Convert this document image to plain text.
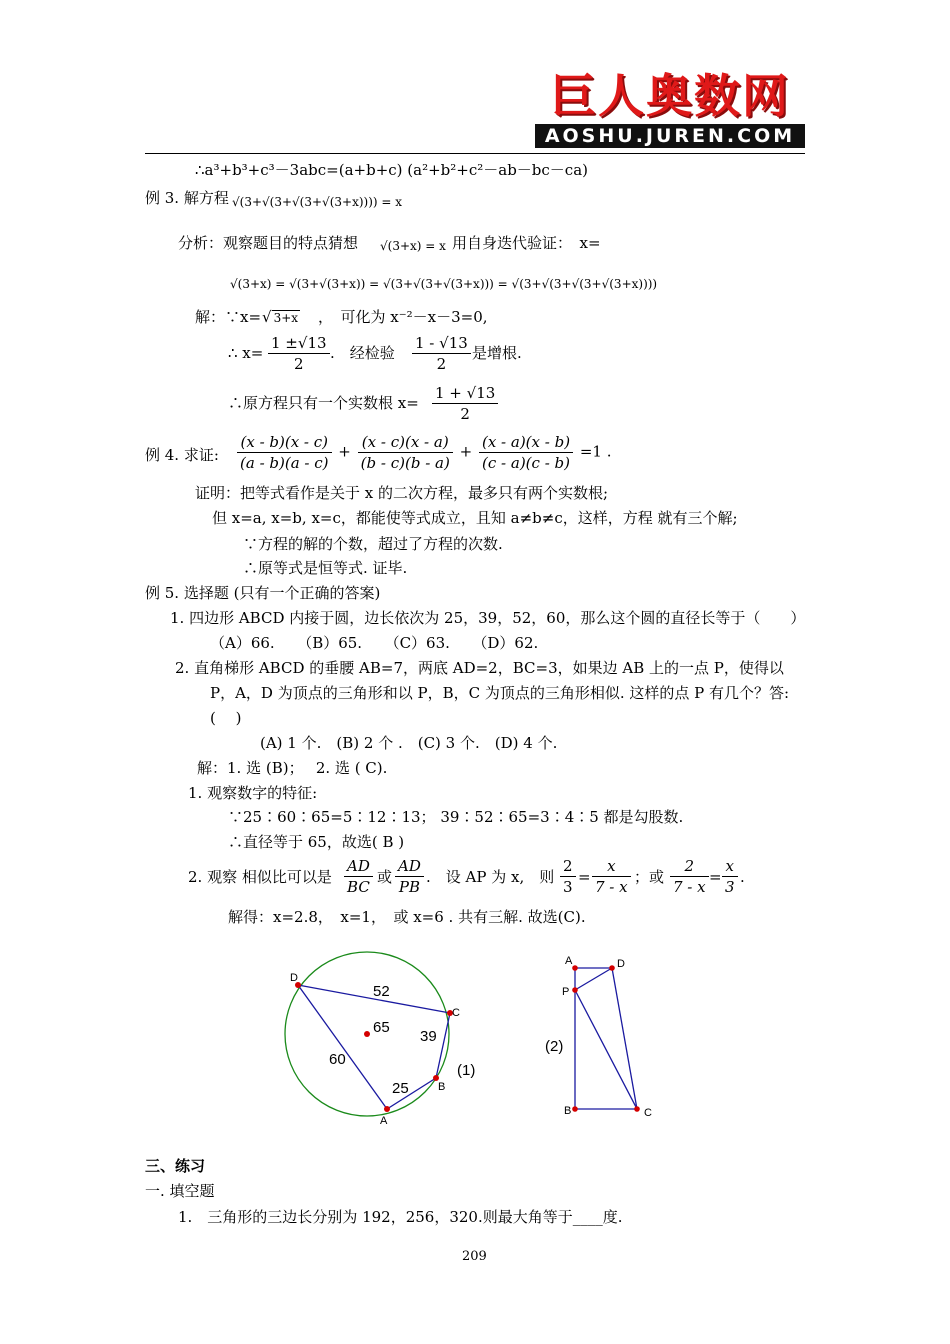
巨人奥数网
AOSHU.JUREN.COM
∴a³+b³+c³－3abc=(a+b+c) (a²+b²+c²－ab－bc－ca)
例 3. 解方程 √(3+√(3+√(3+√(3+x)))) = x
分析：观察题目的特点猜想 √(3+x) = x 用自身迭代验证：　x=
√(3+x) = √(3+√(3+x)) = √(3+√(3+√(3+x))) = √(3+√(3+√(3+√(3+x))))
解：∵x= √ 3+x ，　可化为 x⁻²－x－3=0,
∴ $x= \frac{1 \pm√13}{2}$ .　经检验 $\frac{1 - √13}{2}$ 是增根.
∴原方程只有一个实数根 $x= \frac{1 + √13}{2}$
例 4. 求证: $\frac{(x - b)(x - c)}{(a - b)(a - c)} + \frac{(x - c)(x - a)}{(b - c)(b - a)} + \frac{(x - a)(x - b)}{(c - a)(c - b)} =1$ .
证明：把等式看作是关于 x 的二次方程，最多只有两个实数根;
但 x=a, x=b, x=c，都能使等式成立，且知 a≠b≠c，这样，方程 就有三个解;
∵方程的解的个数，超过了方程的次数.
∴原等式是恒等式. 证毕.
例 5. 选择题 (只有一个正确的答案)
1. 四边形 ABCD 内接于圆，边长依次为 25，39，52，60，那么这个圆的直径长等于（　　）
（A）66.　　（B）65.　　（C）63.　　（D）62.
2. 直角梯形 ABCD 的垂腰 AB=7，两底 AD=2，BC=3，如果边 AB 上的一点 P，使得以
P，A，D 为顶点的三角形和以 P，B，C 为顶点的三角形相似. 这样的点 P 有几个？答:
(　 )
(A) 1 个.　(B) 2 个 .　(C) 3 个.　(D) 4 个.
解：1. 选 (B)；　 2. 选 ( C).
1. 观察数字的特征:
∵25∶60∶65=5∶12∶13； 39∶52∶65=3∶4∶5 都是勾股数.
∴直径等于 65，故选( B )
2. 观察 相似比可以是 $\frac{AD}{BC}$ 或 $\frac{AD}{PB}$ .　设 AP 为 x,　则 $\frac{2}{3} = \frac{x}{7 - x}$ ；或 $\frac{2}{7 - x} = \frac{x}{3}$ .
解得：x=2.8，　x=1，　或 x=6 . 共有三解. 故选(C).
D
C
B
A
52
65
39
60
25
(1)
A	D
P
B	C
(2)
三、练习
一. 填空题
1.　三角形的三边长分别为 192，256，320.则最大角等于____度.
209
